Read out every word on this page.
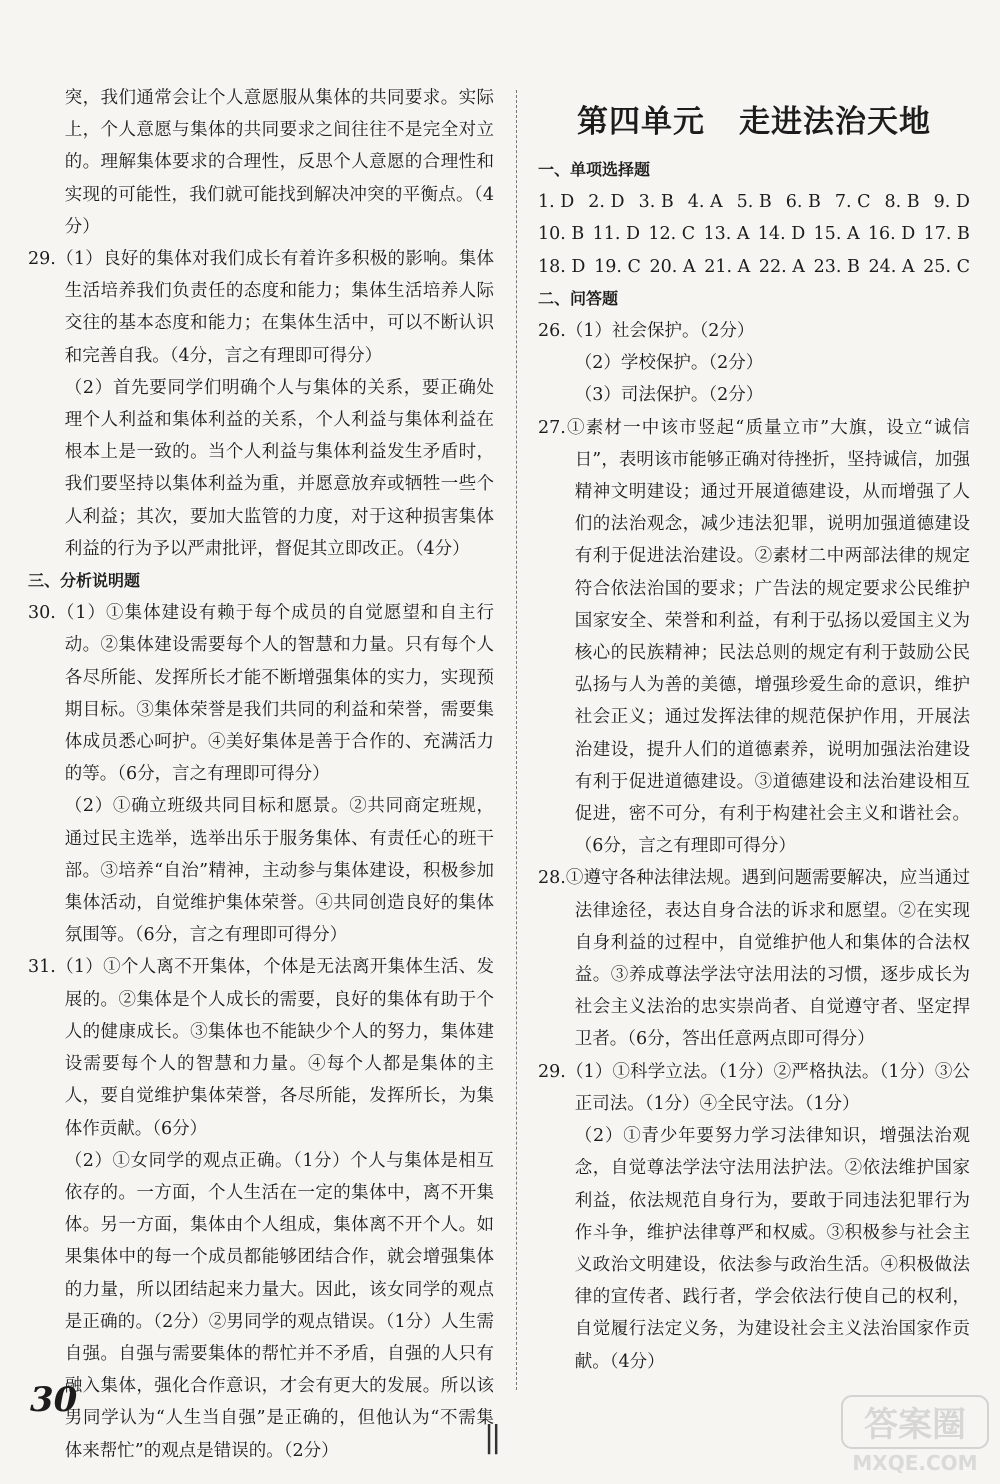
突，我们通常会让个人意愿服从集体的共同要求。实际上，个人意愿与集体的共同要求之间往往不是完全对立的。理解集体要求的合理性，反思个人意愿的合理性和实现的可能性，我们就可能找到解决冲突的平衡点。（4分）
29.（1）良好的集体对我们成长有着许多积极的影响。集体生活培养我们负责任的态度和能力；集体生活培养人际交往的基本态度和能力；在集体生活中，可以不断认识和完善自我。（4分，言之有理即可得分）
（2）首先要同学们明确个人与集体的关系，要正确处理个人利益和集体利益的关系，个人利益与集体利益在根本上是一致的。当个人利益与集体利益发生矛盾时，我们要坚持以集体利益为重，并愿意放弃或牺牲一些个人利益；其次，要加大监管的力度，对于这种损害集体利益的行为予以严肃批评，督促其立即改正。（4分）
三、分析说明题
30.（1）①集体建设有赖于每个成员的自觉愿望和自主行动。②集体建设需要每个人的智慧和力量。只有每个人各尽所能、发挥所长才能不断增强集体的实力，实现预期目标。③集体荣誉是我们共同的利益和荣誉，需要集体成员悉心呵护。④美好集体是善于合作的、充满活力的等。（6分，言之有理即可得分）
（2）①确立班级共同目标和愿景。②共同商定班规，通过民主选举，选举出乐于服务集体、有责任心的班干部。③培养“自治”精神，主动参与集体建设，积极参加集体活动，自觉维护集体荣誉。④共同创造良好的集体氛围等。（6分，言之有理即可得分）
31.（1）①个人离不开集体，个体是无法离开集体生活、发展的。②集体是个人成长的需要，良好的集体有助于个人的健康成长。③集体也不能缺少个人的努力，集体建设需要每个人的智慧和力量。④每个人都是集体的主人，要自觉维护集体荣誉，各尽所能，发挥所长，为集体作贡献。（6分）
（2）①女同学的观点正确。（1分）个人与集体是相互依存的。一方面，个人生活在一定的集体中，离不开集体。另一方面，集体由个人组成，集体离不开个人。如果集体中的每一个成员都能够团结合作，就会增强集体的力量，所以团结起来力量大。因此，该女同学的观点是正确的。（2分）②男同学的观点错误。（1分）人生需自强。自强与需要集体的帮忙并不矛盾，自强的人只有融入集体，强化合作意识，才会有更大的发展。所以该男同学认为“人生当自强”是正确的，但他认为“不需集体来帮忙”的观点是错误的。（2分）
第四单元 走进法治天地
一、单项选择题
1. D 2. D 3. B 4. A 5. B 6. B 7. C 8. B 9. D
10. B 11. D 12. C 13. A 14. D 15. A 16. D 17. B
18. D 19. C 20. A 21. A 22. A 23. B 24. A 25. C
二、问答题
26.（1）社会保护。（2分）
（2）学校保护。（2分）
（3）司法保护。（2分）
27.①素材一中该市竖起“质量立市”大旗，设立“诚信日”，表明该市能够正确对待挫折，坚持诚信，加强精神文明建设；通过开展道德建设，从而增强了人们的法治观念，减少违法犯罪，说明加强道德建设有利于促进法治建设。②素材二中两部法律的规定符合依法治国的要求；广告法的规定要求公民维护国家安全、荣誉和利益，有利于弘扬以爱国主义为核心的民族精神；民法总则的规定有利于鼓励公民弘扬与人为善的美德，增强珍爱生命的意识，维护社会正义；通过发挥法律的规范保护作用，开展法治建设，提升人们的道德素养，说明加强法治建设有利于促进道德建设。③道德建设和法治建设相互促进，密不可分，有利于构建社会主义和谐社会。（6分，言之有理即可得分）
28.①遵守各种法律法规。遇到问题需要解决，应当通过法律途径，表达自身合法的诉求和愿望。②在实现自身利益的过程中，自觉维护他人和集体的合法权益。③养成尊法学法守法用法的习惯，逐步成长为社会主义法治的忠实崇尚者、自觉遵守者、坚定捍卫者。（6分，答出任意两点即可得分）
29.（1）①科学立法。（1分）②严格执法。（1分）③公正司法。（1分）④全民守法。（1分）
（2）①青少年要努力学习法律知识，增强法治观念，自觉尊法学法守法用法护法。②依法维护国家利益，依法规范自身行为，要敢于同违法犯罪行为作斗争，维护法律尊严和权威。③积极参与社会主义政治文明建设，依法参与政治生活。④积极做法律的宣传者、践行者，学会依法行使自己的权利，自觉履行法定义务，为建设社会主义法治国家作贡献。（4分）
30
||	答案圈
MXQE.COM
